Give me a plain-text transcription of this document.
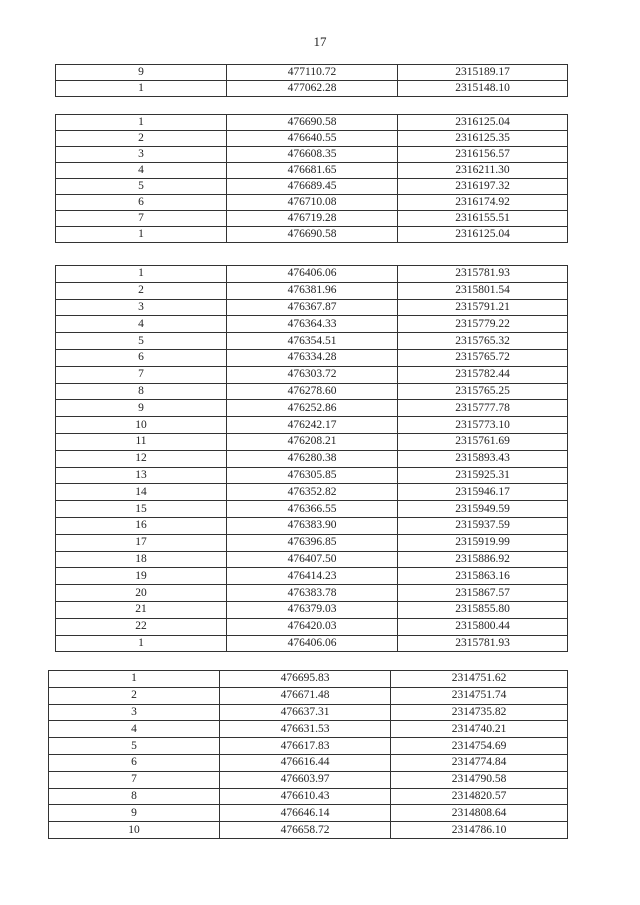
17
9	477110.72	2315189.17
1	477062.28	2315148.10
1	476690.58	2316125.04
2	476640.55	2316125.35
3	476608.35	2316156.57
4	476681.65	2316211.30
5	476689.45	2316197.32
6	476710.08	2316174.92
7	476719.28	2316155.51
1	476690.58	2316125.04
1	476406.06	2315781.93
2	476381.96	2315801.54
3	476367.87	2315791.21
4	476364.33	2315779.22
5	476354.51	2315765.32
6	476334.28	2315765.72
7	476303.72	2315782.44
8	476278.60	2315765.25
9	476252.86	2315777.78
10	476242.17	2315773.10
11	476208.21	2315761.69
12	476280.38	2315893.43
13	476305.85	2315925.31
14	476352.82	2315946.17
15	476366.55	2315949.59
16	476383.90	2315937.59
17	476396.85	2315919.99
18	476407.50	2315886.92
19	476414.23	2315863.16
20	476383.78	2315867.57
21	476379.03	2315855.80
22	476420.03	2315800.44
1	476406.06	2315781.93
1	476695.83	2314751.62
2	476671.48	2314751.74
3	476637.31	2314735.82
4	476631.53	2314740.21
5	476617.83	2314754.69
6	476616.44	2314774.84
7	476603.97	2314790.58
8	476610.43	2314820.57
9	476646.14	2314808.64
10	476658.72	2314786.10
